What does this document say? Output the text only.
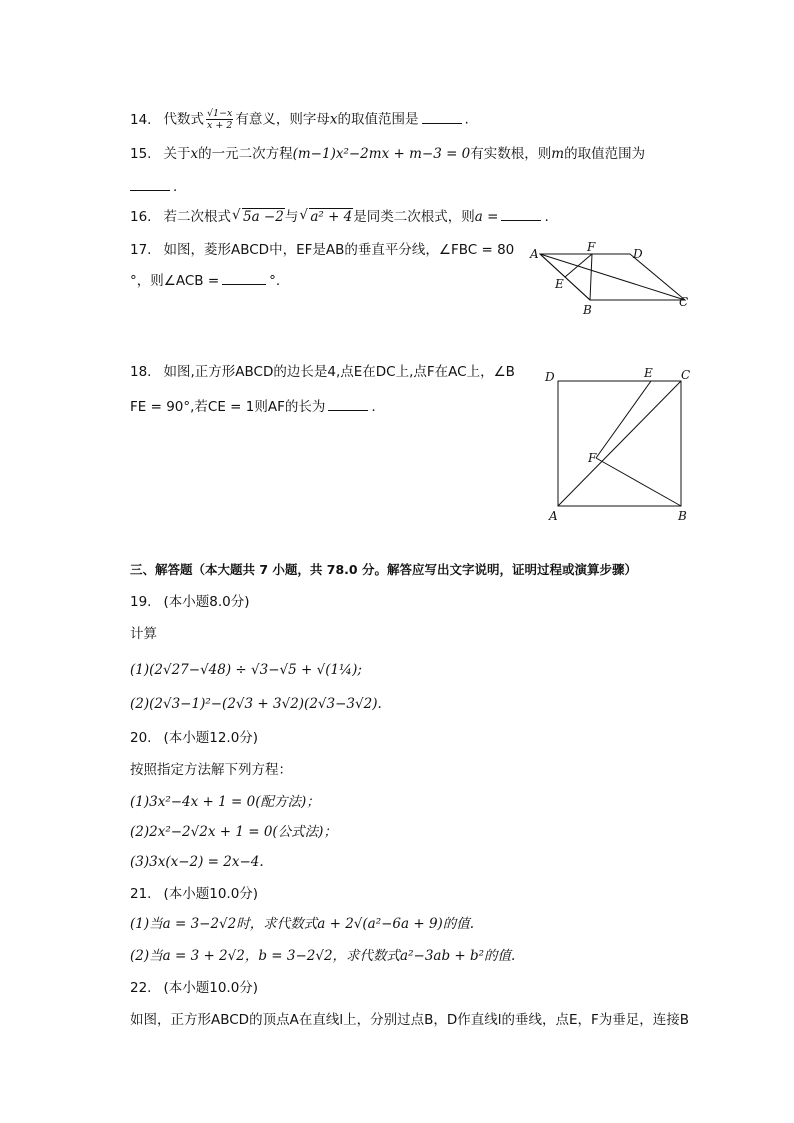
14. 代数式 $\frac{√1-x}{x + 2}$ 有意义，则字母x的取值范围是	.
15. 关于x的一元二次方程(m−1)x²−2mx + m−3 = 0有实数根，则m的取值范围为
.
16. 若二次根式 √ 5a −2与 √ a² + 4是同类二次根式，则a =	.
17. 如图，菱形ABCD中，EF是AB的垂直平分线，∠FBC = 80
°，则∠ACB =	°.
A	F	D
E
B
C
18. 如图,正方形ABCD的边长是4,点E在DC上,点F在AC上，∠B
FE = 90°,若CE = 1则AF的长为	.
D	E C
F
A	B
三、解答题（本大题共 7 小题，共 78.0 分。解答应写出文字说明，证明过程或演算步骤）
19. (本小题8.0分)
计算
(1)(2√27−√48) ÷ √3−√5 + √(1¼);
(2)(2√3−1)²−(2√3 + 3√2)(2√3−3√2).
20. (本小题12.0分)
按照指定方法解下列方程：
(1)3x²−4x + 1 = 0(配方法)；
(2)2x²−2√2x + 1 = 0(公式法)；
(3)3x(x−2) = 2x−4.
21. (本小题10.0分)
(1)当a = 3−2√2时，求代数式a + 2√(a²−6a + 9)的值.
(2)当a = 3 + 2√2，b = 3−2√2，求代数式a²−3ab + b²的值.
22. (本小题10.0分)
如图，正方形ABCD的顶点A在直线l上，分别过点B，D作直线l的垂线，点E，F为垂足，连接B
